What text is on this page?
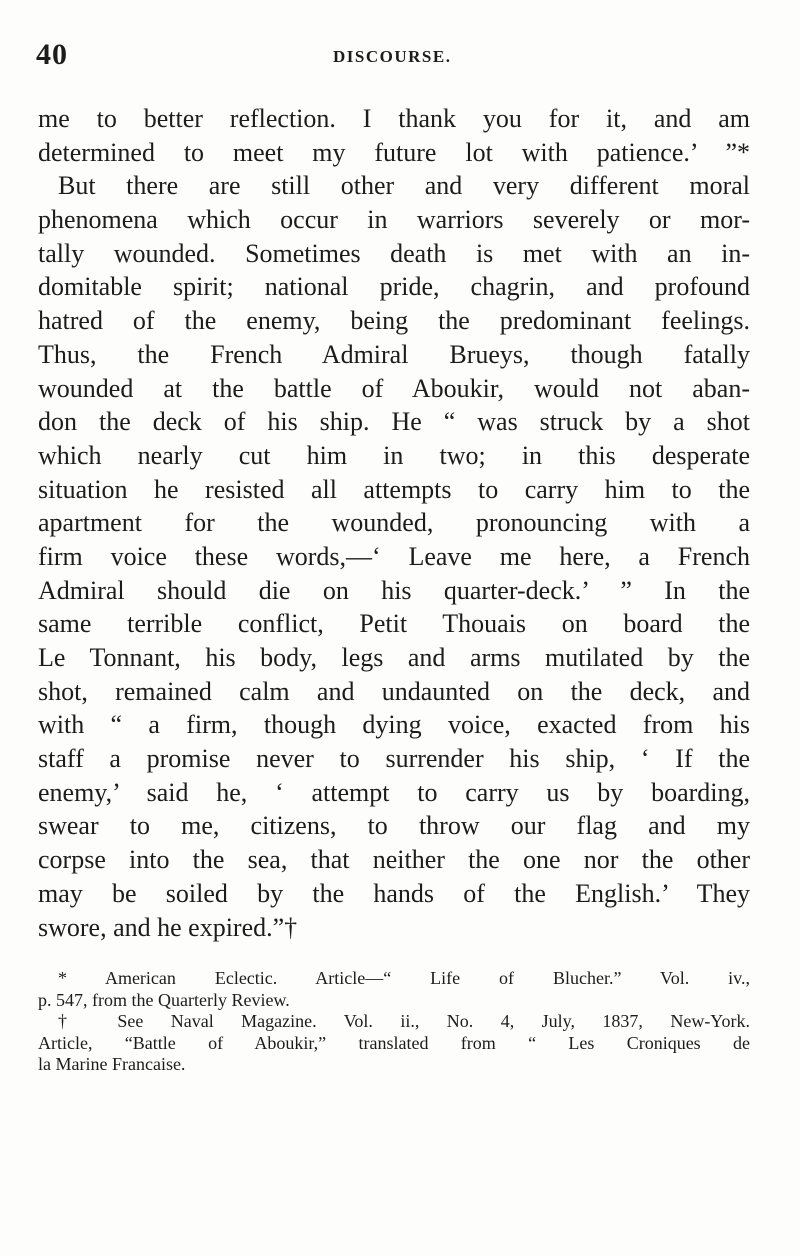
40	DISCOURSE.
me to better reflection. I thank you for it, and am
determined to meet my future lot with patience.’ ”*
But there are still other and very different moral
phenomena which occur in warriors severely or mor-
tally wounded. Sometimes death is met with an in-
domitable spirit; national pride, chagrin, and profound
hatred of the enemy, being the predominant feelings.
Thus, the French Admiral Brueys, though fatally
wounded at the battle of Aboukir, would not aban-
don the deck of his ship. He “ was struck by a shot
which nearly cut him in two; in this desperate
situation he resisted all attempts to carry him to the
apartment for the wounded, pronouncing with a
firm voice these words,—‘ Leave me here, a French
Admiral should die on his quarter-deck.’ ” In the
same terrible conflict, Petit Thouais on board the
Le Tonnant, his body, legs and arms mutilated by the
shot, remained calm and undaunted on the deck, and
with “ a firm, though dying voice, exacted from his
staff a promise never to surrender his ship, ‘ If the
enemy,’ said he, ‘ attempt to carry us by boarding,
swear to me, citizens, to throw our flag and my
corpse into the sea, that neither the one nor the other
may be soiled by the hands of the English.’ They
swore, and he expired.”†
* American Eclectic. Article—“ Life of Blucher.” Vol. iv.,
p. 547, from the Quarterly Review.
† See Naval Magazine. Vol. ii., No. 4, July, 1837, New-York.
Article, “Battle of Aboukir,” translated from “ Les Croniques de
la Marine Francaise.
